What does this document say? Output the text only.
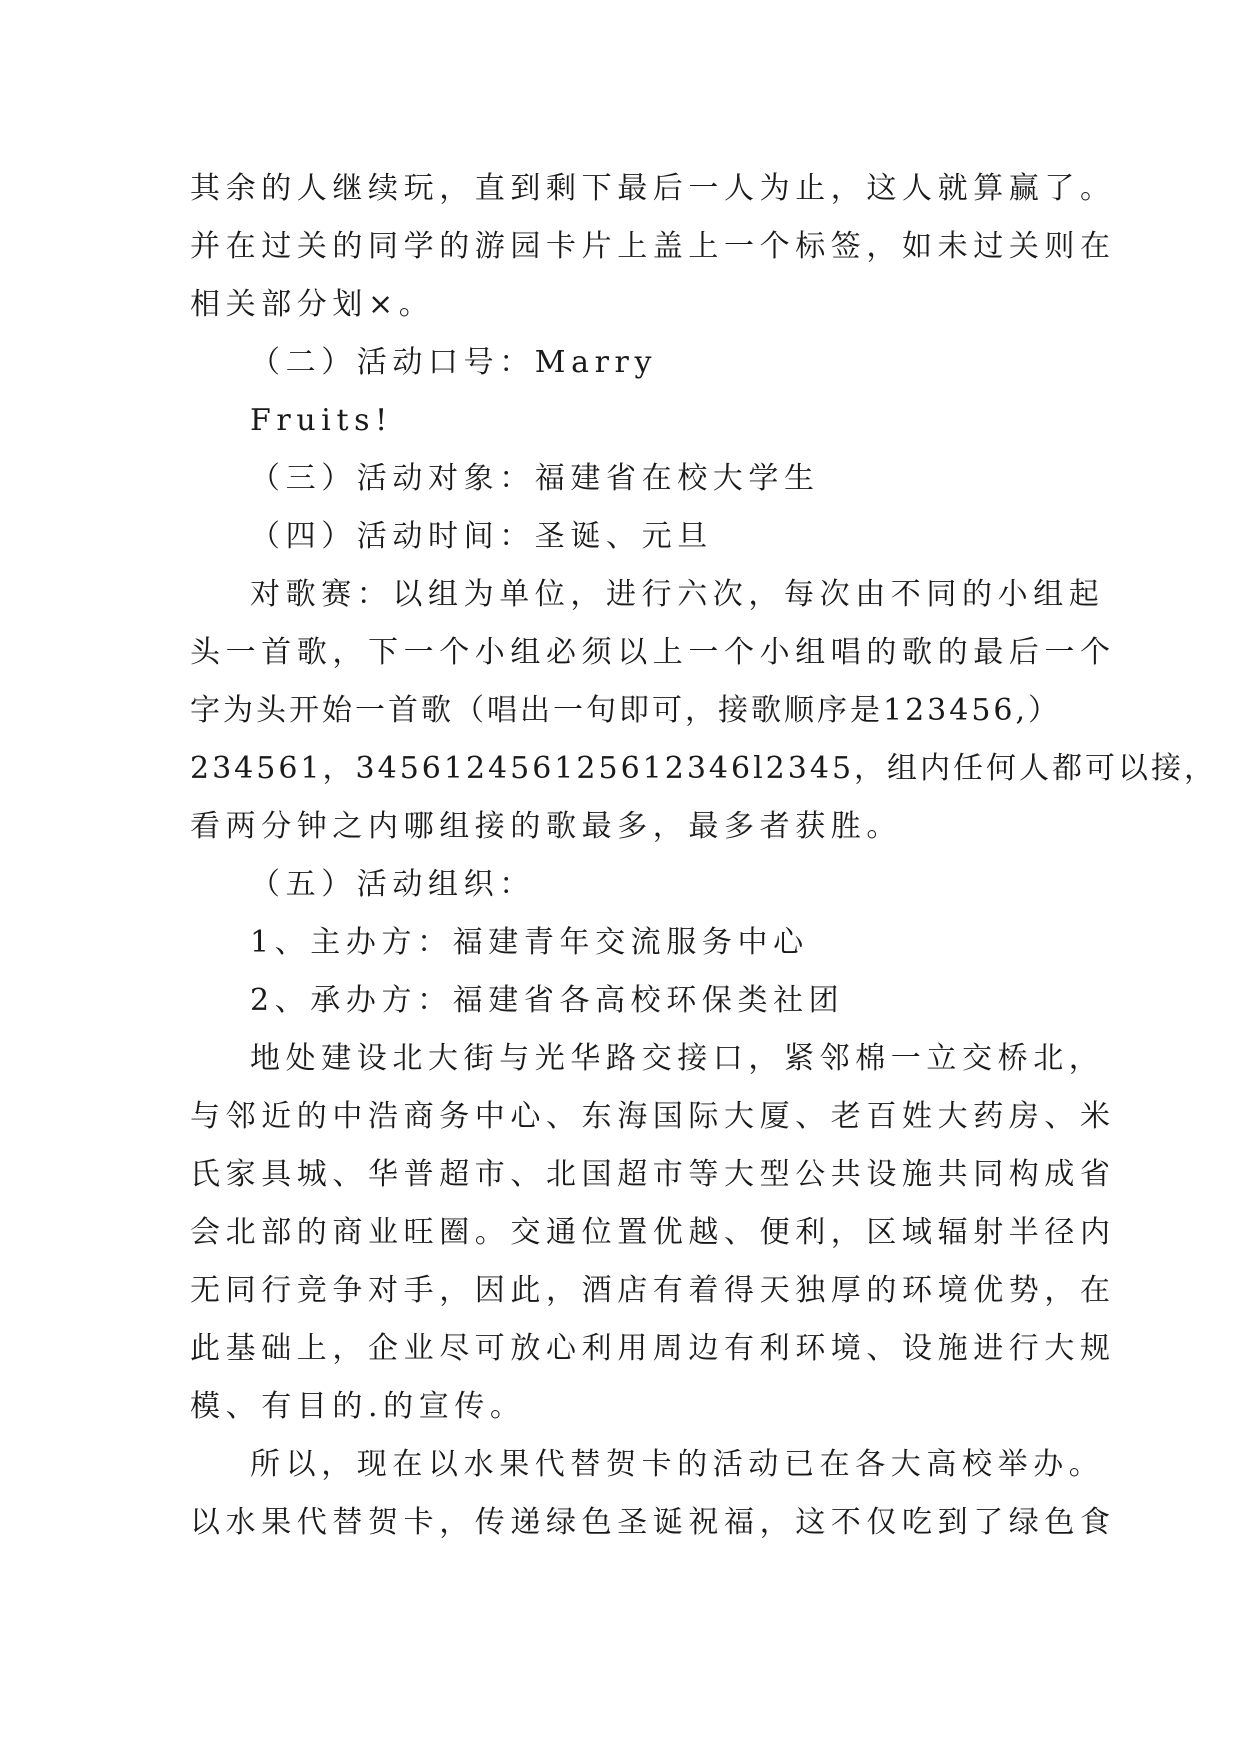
其余的人继续玩，直到剩下最后一人为止，这人就算赢了。
并在过关的同学的游园卡片上盖上一个标签，如未过关则在
相关部分划×。
（二）活动口号：Marry
Fruits!
（三）活动对象：福建省在校大学生
（四）活动时间：圣诞、元旦
对歌赛：以组为单位，进行六次，每次由不同的小组起
头一首歌，下一个小组必须以上一个小组唱的歌的最后一个
字为头开始一首歌（唱出一句即可，接歌顺序是123456,）
234561，345612456125612346l2345，组内任何人都可以接，
看两分钟之内哪组接的歌最多，最多者获胜。
（五）活动组织：
1、主办方：福建青年交流服务中心
2、承办方：福建省各高校环保类社团
地处建设北大街与光华路交接口，紧邻棉一立交桥北，
与邻近的中浩商务中心、东海国际大厦、老百姓大药房、米
氏家具城、华普超市、北国超市等大型公共设施共同构成省
会北部的商业旺圈。交通位置优越、便利，区域辐射半径内
无同行竞争对手，因此，酒店有着得天独厚的环境优势，在
此基础上，企业尽可放心利用周边有利环境、设施进行大规
模、有目的.的宣传。
所以，现在以水果代替贺卡的活动已在各大高校举办。
以水果代替贺卡，传递绿色圣诞祝福，这不仅吃到了绿色食
